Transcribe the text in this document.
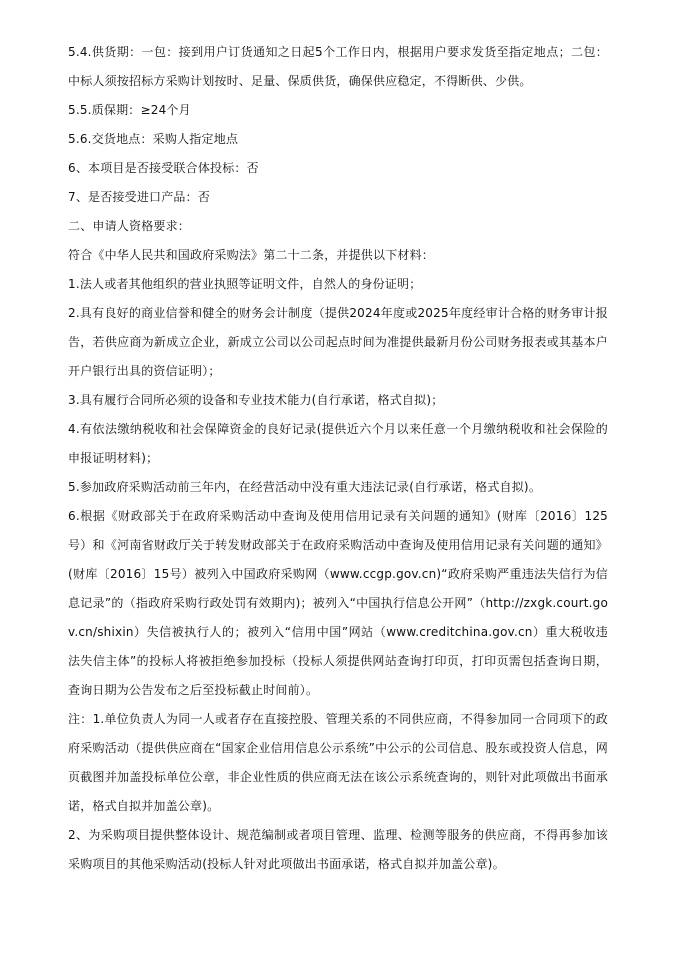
5.4.供货期：一包：接到用户订货通知之日起5个工作日内，根据用户要求发货至指定地点；二包：中标人须按招标方采购计划按时、足量、保质供货，确保供应稳定，不得断供、少供。

5.5.质保期：≥24个月

5.6.交货地点：采购人指定地点

6、本项目是否接受联合体投标：否

7、是否接受进口产品：否

二、申请人资格要求：

符合《中华人民共和国政府采购法》第二十二条，并提供以下材料：

1.法人或者其他组织的营业执照等证明文件，自然人的身份证明；

2.具有良好的商业信誉和健全的财务会计制度（提供2024年度或2025年度经审计合格的财务审计报告，若供应商为新成立企业，新成立公司以公司起点时间为准提供最新月份公司财务报表或其基本户开户银行出具的资信证明）；

3.具有履行合同所必须的设备和专业技术能力(自行承诺，格式自拟)；

4.有依法缴纳税收和社会保障资金的良好记录(提供近六个月以来任意一个月缴纳税收和社会保险的申报证明材料)；

5.参加政府采购活动前三年内，在经营活动中没有重大违法记录(自行承诺，格式自拟)。

6.根据《财政部关于在政府采购活动中查询及使用信用记录有关问题的通知》(财库〔2016〕125号）和《河南省财政厅关于转发财政部关于在政府采购活动中查询及使用信用记录有关问题的通知》(财库〔2016〕15号）被列入中国政府采购网（www.ccgp.gov.cn)“政府采购严重违法失信行为信息记录”的（指政府采购行政处罚有效期内)；被列入“中国执行信息公开网”（http://zxgk.court.gov.cn/shixin）失信被执行人的；被列入“信用中国”网站（www.creditchina.gov.cn）重大税收违法失信主体”的投标人将被拒绝参加投标（投标人须提供网站查询打印页，打印页需包括查询日期，查询日期为公告发布之后至投标截止时间前）。

注：1.单位负责人为同一人或者存在直接控股、管理关系的不同供应商，不得参加同一合同项下的政府采购活动（提供供应商在“国家企业信用信息公示系统”中公示的公司信息、股东或投资人信息，网页截图并加盖投标单位公章，非企业性质的供应商无法在该公示系统查询的，则针对此项做出书面承诺，格式自拟并加盖公章)。

2、为采购项目提供整体设计、规范编制或者项目管理、监理、检测等服务的供应商，不得再参加该采购项目的其他采购活动(投标人针对此项做出书面承诺，格式自拟并加盖公章)。
